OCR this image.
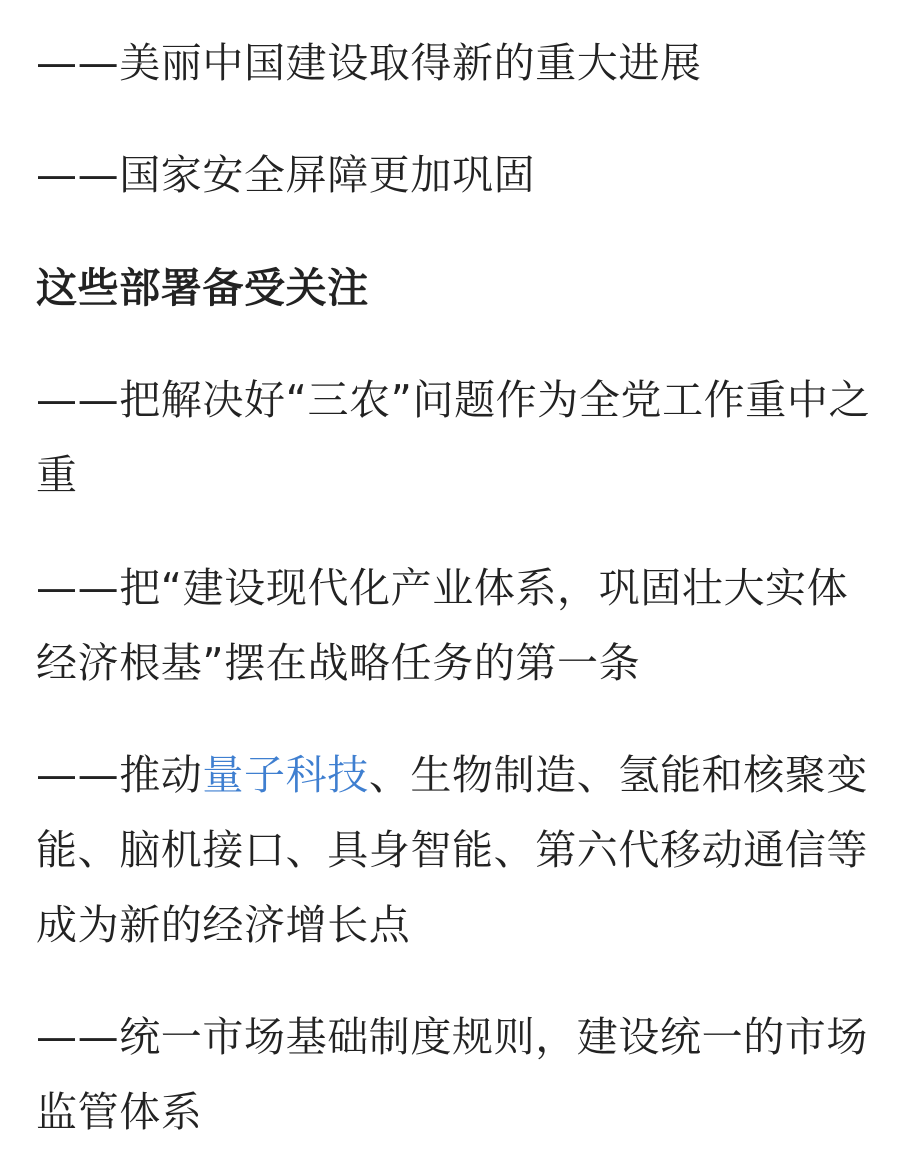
——美丽中国建设取得新的重大进展

——国家安全屏障更加巩固

这些部署备受关注

——把解决好“三农”问题作为全党工作重中之重

——把“建设现代化产业体系，巩固壮大实体经济根基”摆在战略任务的第一条

——推动量子科技、生物制造、氢能和核聚变能、脑机接口、具身智能、第六代移动通信等成为新的经济增长点

——统一市场基础制度规则，建设统一的市场监管体系
